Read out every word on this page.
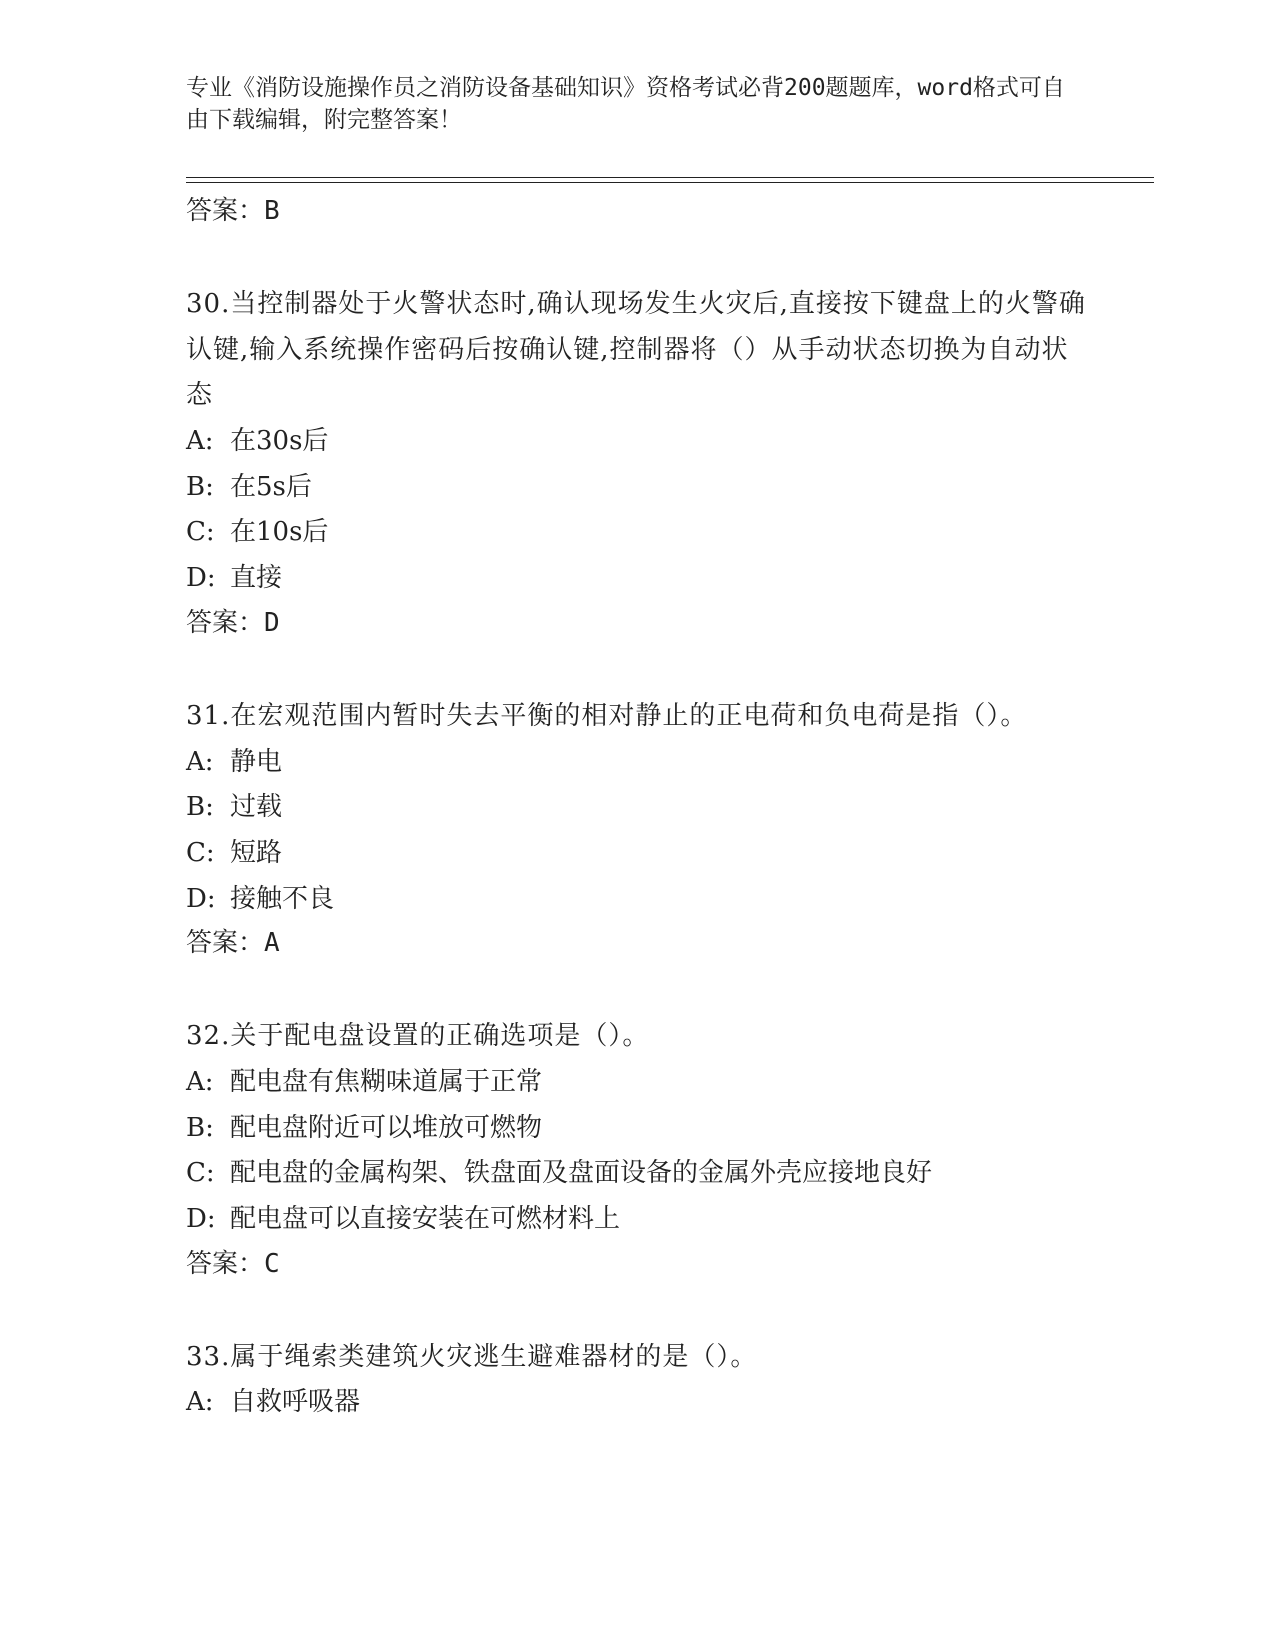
专业《消防设施操作员之消防设备基础知识》资格考试必背200题题库，word格式可自由下载编辑，附完整答案！

答案：B

30.当控制器处于火警状态时,确认现场发生火灾后,直接按下键盘上的火警确认键,输入系统操作密码后按确认键,控制器将（）从手动状态切换为自动状态

A: 在30s后
B: 在5s后
C: 在10s后
D: 直接
答案：D

31.在宏观范围内暂时失去平衡的相对静止的正电荷和负电荷是指（）。

A: 静电
B: 过载
C: 短路
D: 接触不良
答案：A

32.关于配电盘设置的正确选项是（）。

A: 配电盘有焦糊味道属于正常
B: 配电盘附近可以堆放可燃物
C: 配电盘的金属构架、铁盘面及盘面设备的金属外壳应接地良好
D: 配电盘可以直接安装在可燃材料上
答案：C

33.属于绳索类建筑火灾逃生避难器材的是（）。

A: 自救呼吸器
